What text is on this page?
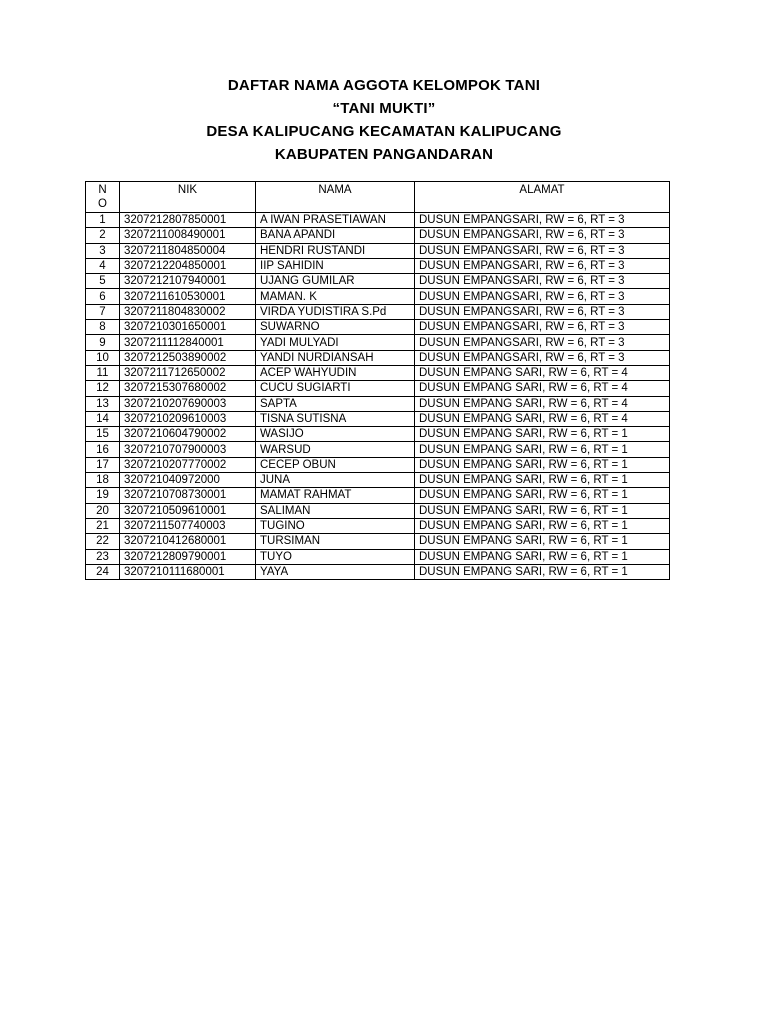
DAFTAR NAMA AGGOTA KELOMPOK TANI
“TANI MUKTI”
DESA KALIPUCANG KECAMATAN KALIPUCANG
KABUPATEN PANGANDARAN
N
O	NIK	NAMA	ALAMAT
1	3207212807850001	A IWAN PRASETIAWAN	DUSUN EMPANGSARI, RW = 6, RT = 3
2	3207211008490001	BANA APANDI	DUSUN EMPANGSARI, RW = 6, RT = 3
3	3207211804850004	HENDRI RUSTANDI	DUSUN EMPANGSARI, RW = 6, RT = 3
4	3207212204850001	IIP SAHIDIN	DUSUN EMPANGSARI, RW = 6, RT = 3
5	3207212107940001	UJANG GUMILAR	DUSUN EMPANGSARI, RW = 6, RT = 3
6	3207211610530001	MAMAN. K	DUSUN EMPANGSARI, RW = 6, RT = 3
7	3207211804830002	VIRDA YUDISTIRA S.Pd	DUSUN EMPANGSARI, RW = 6, RT = 3
8	3207210301650001	SUWARNO	DUSUN EMPANGSARI, RW = 6, RT = 3
9	3207211112840001	YADI MULYADI	DUSUN EMPANGSARI, RW = 6, RT = 3
10	3207212503890002	YANDI NURDIANSAH	DUSUN EMPANGSARI, RW = 6, RT = 3
11	3207211712650002	ACEP WAHYUDIN	DUSUN EMPANG SARI, RW = 6, RT = 4
12	3207215307680002	CUCU SUGIARTI	DUSUN EMPANG SARI, RW = 6, RT = 4
13	3207210207690003	SAPTA	DUSUN EMPANG SARI, RW = 6, RT = 4
14	3207210209610003	TISNA SUTISNA	DUSUN EMPANG SARI, RW = 6, RT = 4
15	3207210604790002	WASIJO	DUSUN EMPANG SARI, RW = 6, RT = 1
16	3207210707900003	WARSUD	DUSUN EMPANG SARI, RW = 6, RT = 1
17	3207210207770002	CECEP OBUN	DUSUN EMPANG SARI, RW = 6, RT = 1
18	320721040972000	JUNA	DUSUN EMPANG SARI, RW = 6, RT = 1
19	3207210708730001	MAMAT RAHMAT	DUSUN EMPANG SARI, RW = 6, RT = 1
20	3207210509610001	SALIMAN	DUSUN EMPANG SARI, RW = 6, RT = 1
21	3207211507740003	TUGINO	DUSUN EMPANG SARI, RW = 6, RT = 1
22	3207210412680001	TURSIMAN	DUSUN EMPANG SARI, RW = 6, RT = 1
23	3207212809790001	TUYO	DUSUN EMPANG SARI, RW = 6, RT = 1
24	3207210111680001	YAYA	DUSUN EMPANG SARI, RW = 6, RT = 1
